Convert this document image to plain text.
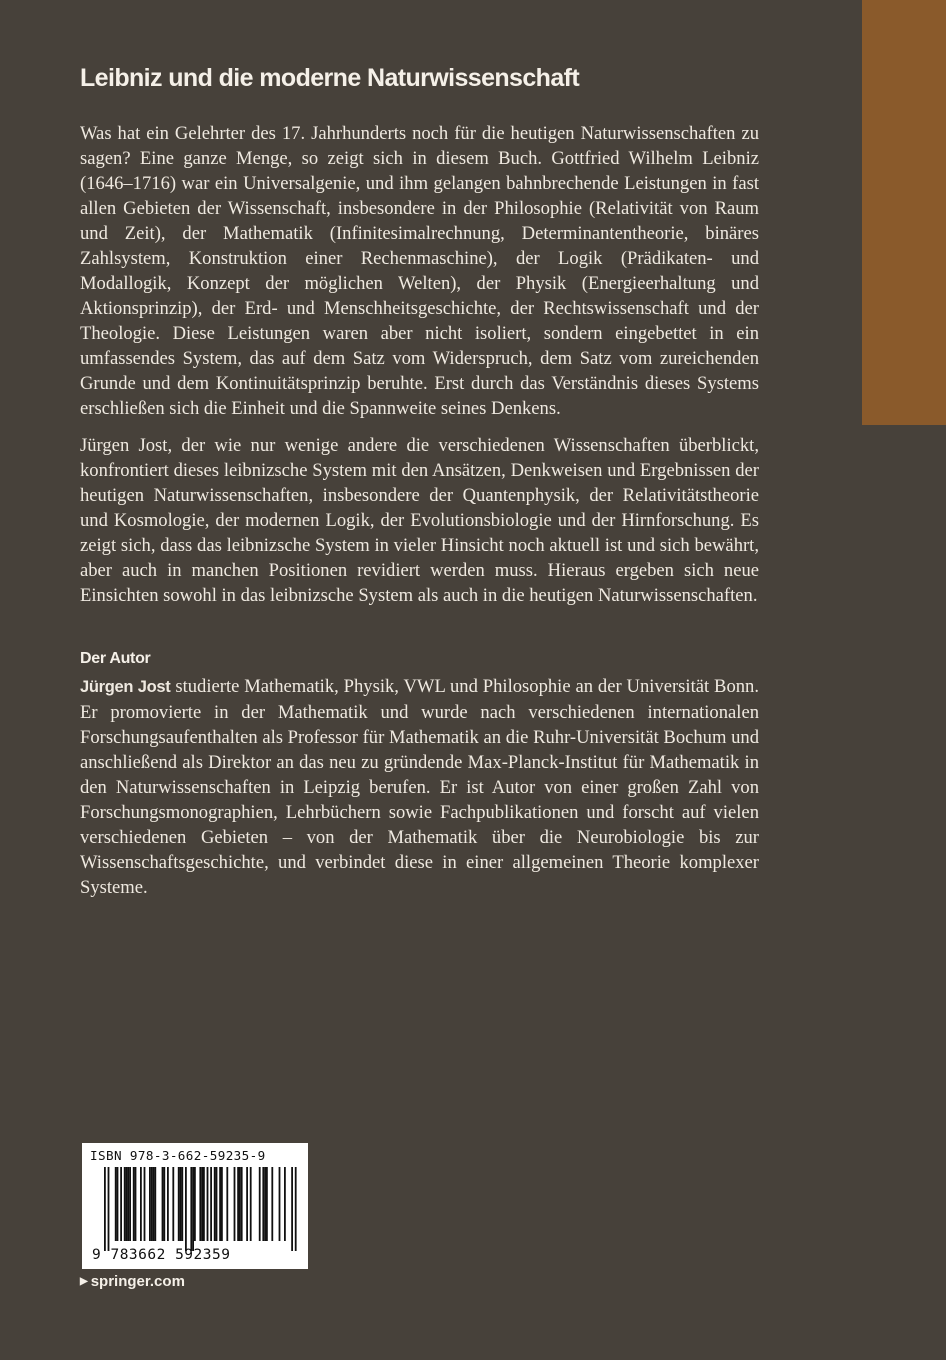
Leibniz und die moderne Naturwissenschaft

Was hat ein Gelehrter des 17. Jahrhunderts noch für die heutigen Naturwissenschaften zu sagen? Eine ganze Menge, so zeigt sich in diesem Buch. Gottfried Wilhelm Leibniz (1646–1716) war ein Universalgenie, und ihm gelangen bahnbrechende Leistungen in fast allen Gebieten der Wissenschaft, insbesondere in der Philosophie (Relativität von Raum und Zeit), der Mathematik (Infinitesimalrechnung, Determinantentheorie, binäres Zahlsystem, Konstruktion einer Rechenmaschine), der Logik (Prädikaten- und Modallogik, Konzept der möglichen Welten), der Physik (Energieerhaltung und Aktionsprinzip), der Erd- und Menschheitsgeschichte, der Rechtswissenschaft und der Theologie. Diese Leistungen waren aber nicht isoliert, sondern eingebettet in ein umfassendes System, das auf dem Satz vom Widerspruch, dem Satz vom zureichenden Grunde und dem Kontinuitätsprinzip beruhte. Erst durch das Verständnis dieses Systems erschließen sich die Einheit und die Spannweite seines Denkens.

Jürgen Jost, der wie nur wenige andere die verschiedenen Wissenschaften überblickt, konfrontiert dieses leibnizsche System mit den Ansätzen, Denkweisen und Ergebnissen der heutigen Naturwissenschaften, insbesondere der Quantenphysik, der Relativitätstheorie und Kosmologie, der modernen Logik, der Evolutionsbiologie und der Hirnforschung. Es zeigt sich, dass das leibnizsche System in vieler Hinsicht noch aktuell ist und sich bewährt, aber auch in manchen Positionen revidiert werden muss. Hieraus ergeben sich neue Einsichten sowohl in das leibnizsche System als auch in die heutigen Naturwissenschaften.

Der Autor

Jürgen Jost studierte Mathematik, Physik, VWL und Philosophie an der Universität Bonn. Er promovierte in der Mathematik und wurde nach verschiedenen internationalen Forschungsaufenthalten als Professor für Mathematik an die Ruhr-Universität Bochum und anschließend als Direktor an das neu zu gründende Max-Planck-Institut für Mathematik in den Naturwissenschaften in Leipzig berufen. Er ist Autor von einer großen Zahl von Forschungsmonographien, Lehrbüchern sowie Fachpublikationen und forscht auf vielen verschiedenen Gebieten – von der Mathematik über die Neurobiologie bis zur Wissenschaftsgeschichte, und verbindet diese in einer allgemeinen Theorie komplexer Systeme.

ISBN 978-3-662-59235-9
9 783662 592359
▶ springer.com
